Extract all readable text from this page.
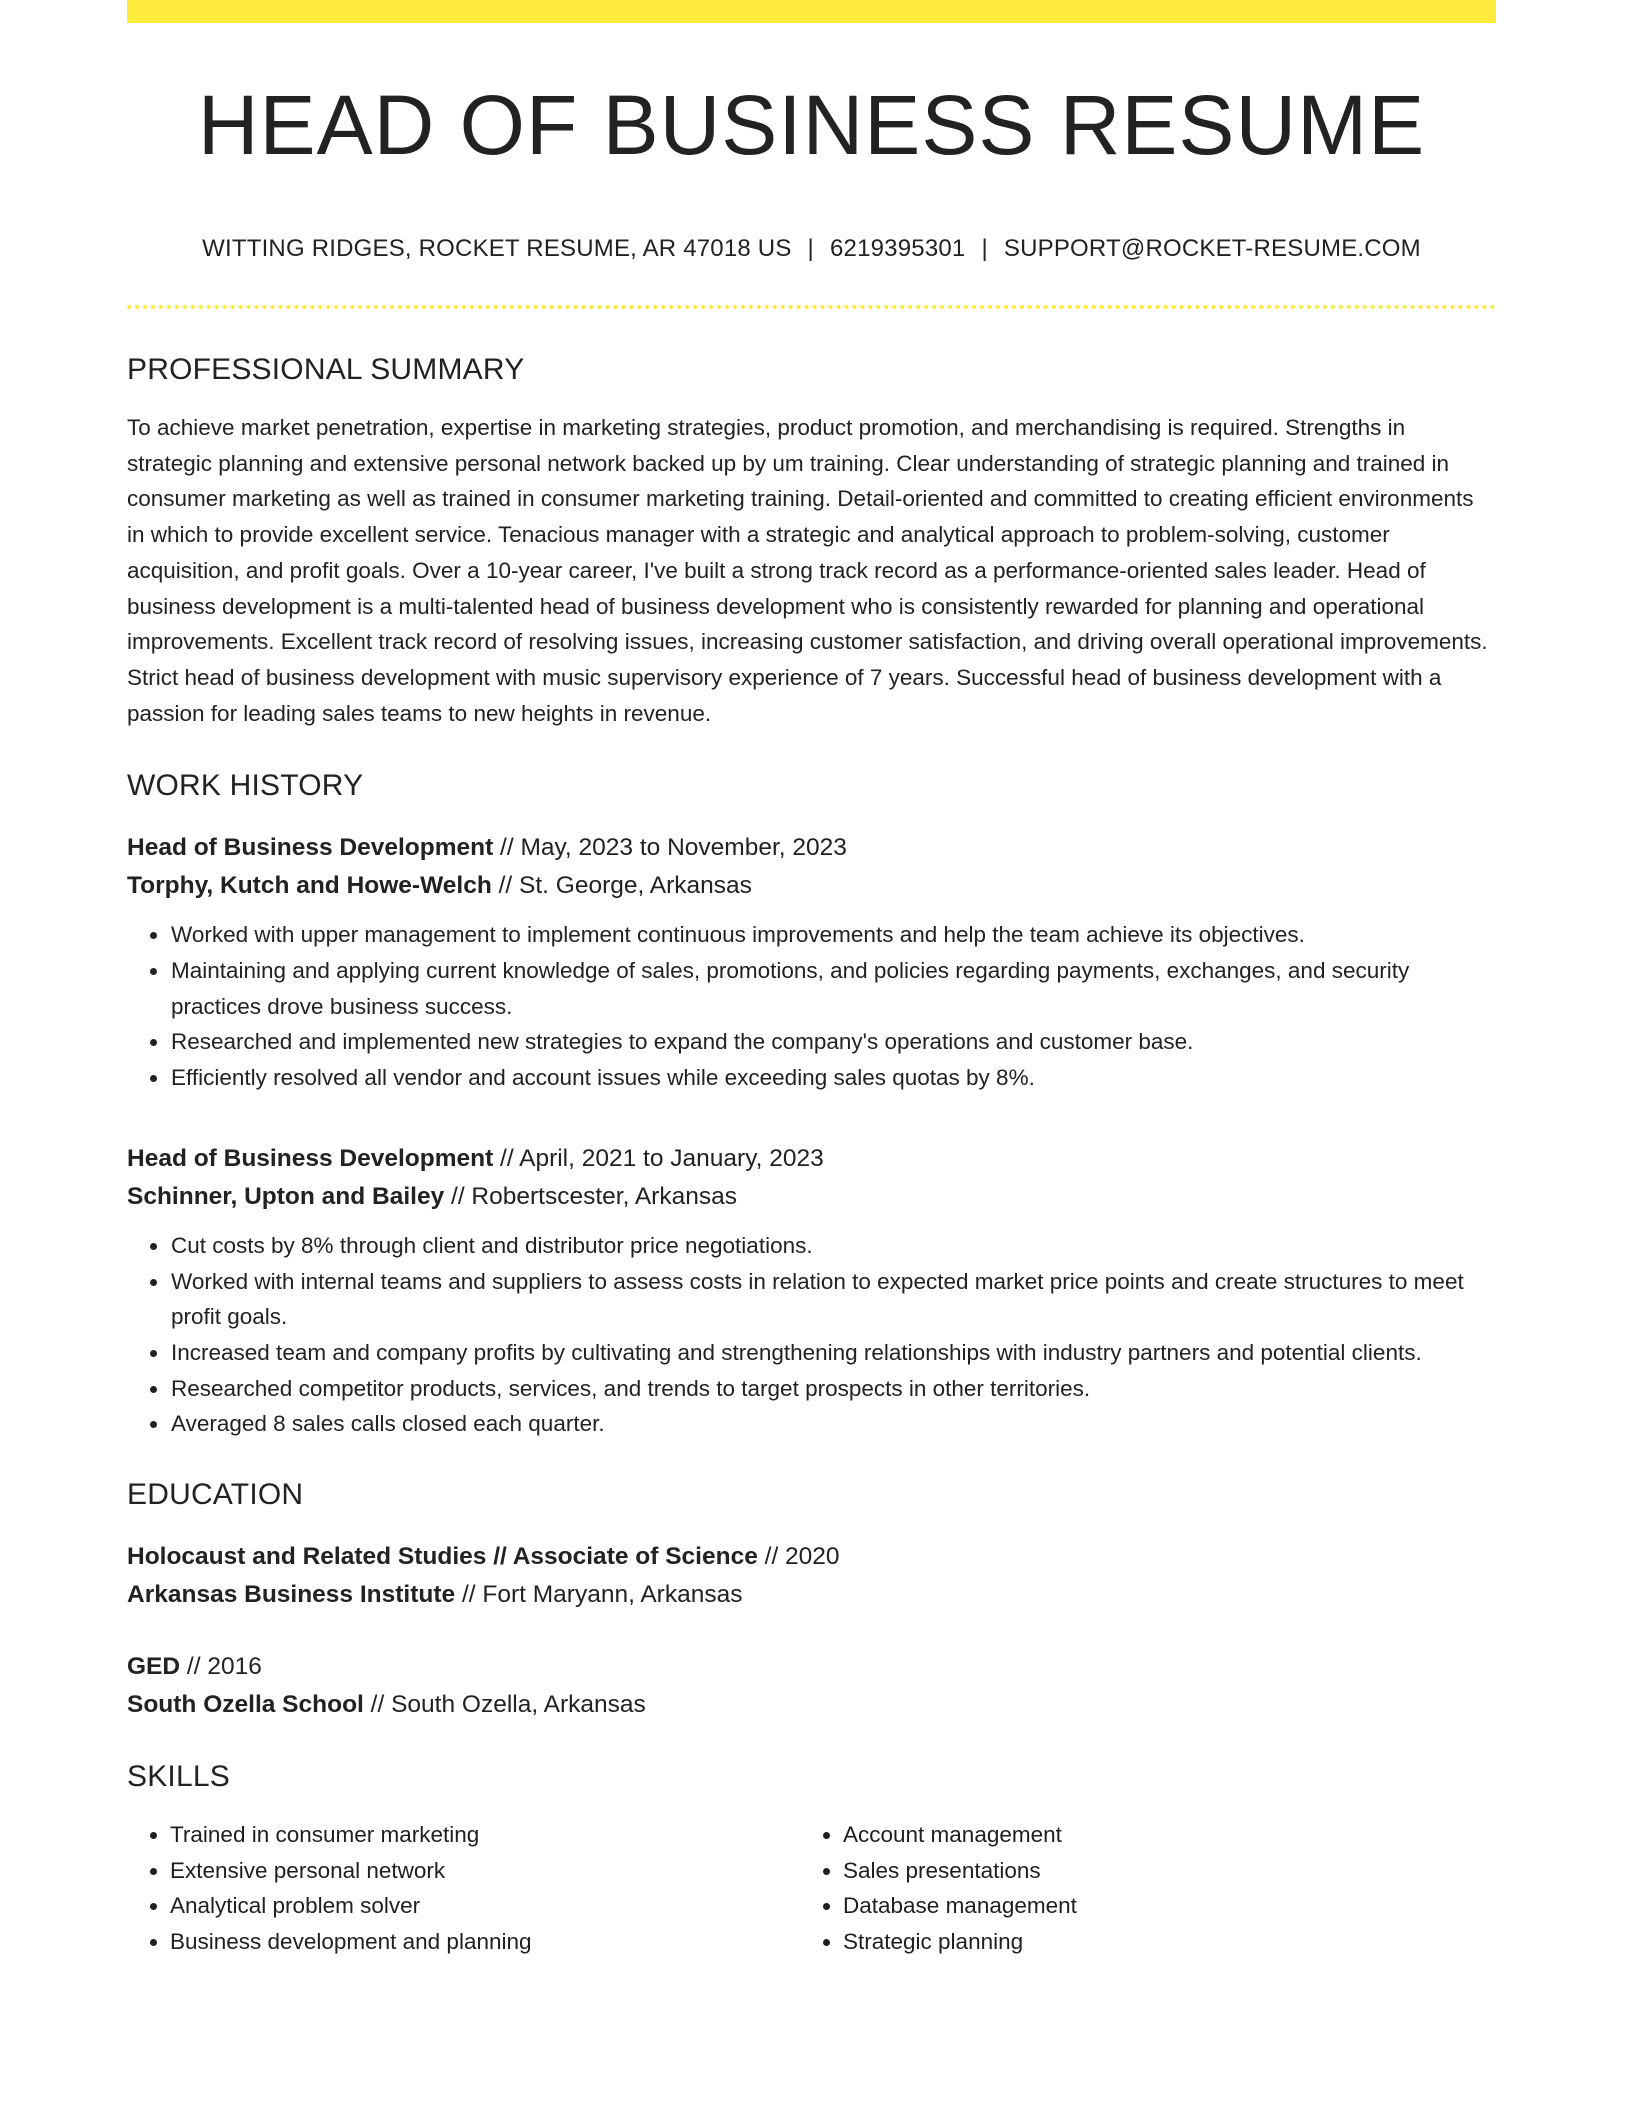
HEAD OF BUSINESS RESUME
WITTING RIDGES, ROCKET RESUME, AR 47018 US | 6219395301 | SUPPORT@ROCKET-RESUME.COM
PROFESSIONAL SUMMARY
To achieve market penetration, expertise in marketing strategies, product promotion, and merchandising is required. Strengths in strategic planning and extensive personal network backed up by um training. Clear understanding of strategic planning and trained in consumer marketing as well as trained in consumer marketing training. Detail-oriented and committed to creating efficient environments in which to provide excellent service. Tenacious manager with a strategic and analytical approach to problem-solving, customer acquisition, and profit goals. Over a 10-year career, I've built a strong track record as a performance-oriented sales leader. Head of business development is a multi-talented head of business development who is consistently rewarded for planning and operational improvements. Excellent track record of resolving issues, increasing customer satisfaction, and driving overall operational improvements. Strict head of business development with music supervisory experience of 7 years. Successful head of business development with a passion for leading sales teams to new heights in revenue.
WORK HISTORY
Head of Business Development // May, 2023 to November, 2023
Torphy, Kutch and Howe-Welch // St. George, Arkansas
• Worked with upper management to implement continuous improvements and help the team achieve its objectives.
• Maintaining and applying current knowledge of sales, promotions, and policies regarding payments, exchanges, and security practices drove business success.
• Researched and implemented new strategies to expand the company's operations and customer base.
• Efficiently resolved all vendor and account issues while exceeding sales quotas by 8%.
Head of Business Development // April, 2021 to January, 2023
Schinner, Upton and Bailey // Robertscester, Arkansas
• Cut costs by 8% through client and distributor price negotiations.
• Worked with internal teams and suppliers to assess costs in relation to expected market price points and create structures to meet profit goals.
• Increased team and company profits by cultivating and strengthening relationships with industry partners and potential clients.
• Researched competitor products, services, and trends to target prospects in other territories.
• Averaged 8 sales calls closed each quarter.
EDUCATION
Holocaust and Related Studies // Associate of Science // 2020
Arkansas Business Institute // Fort Maryann, Arkansas
GED // 2016
South Ozella School // South Ozella, Arkansas
SKILLS
• Trained in consumer marketing
• Extensive personal network
• Analytical problem solver
• Business development and planning
• Account management
• Sales presentations
• Database management
• Strategic planning
